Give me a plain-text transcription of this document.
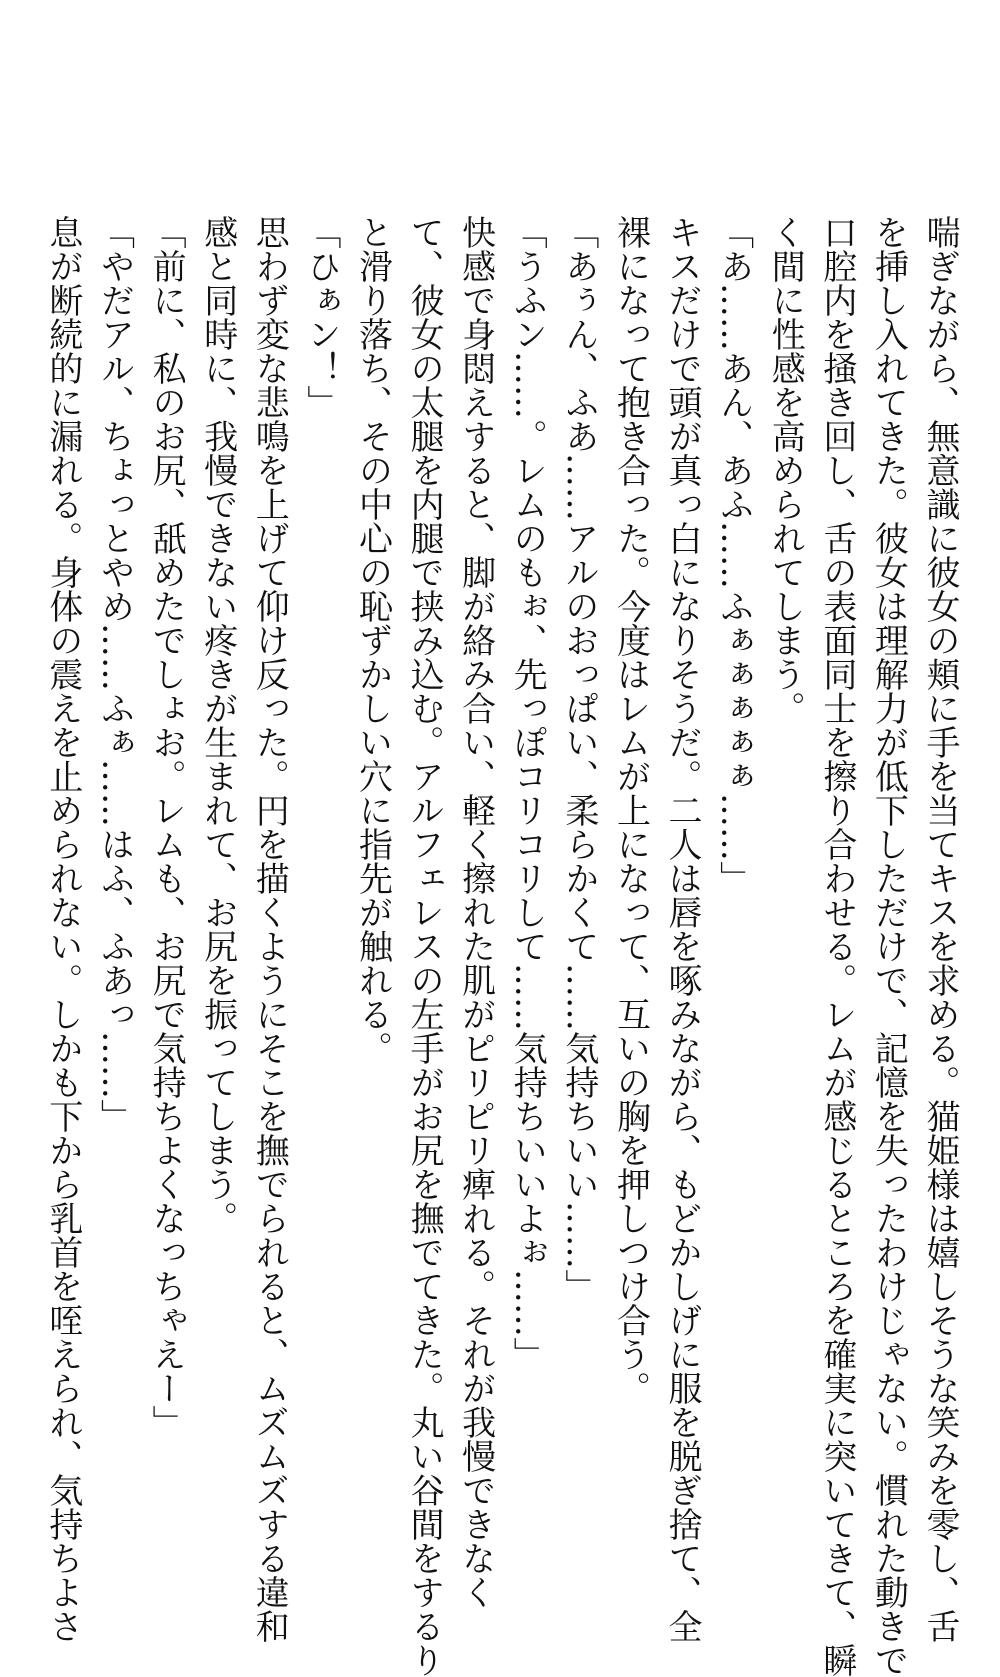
喘ぎながら、無意識に彼女の頬に手を当てキスを求める。猫姫様は嬉しそうな笑みを零し、舌

を挿し入れてきた。彼女は理解力が低下しただけで、記憶を失ったわけじゃない。慣れた動きで

口腔内を掻き回し、舌の表面同士を擦り合わせる。レムが感じるところを確実に突いてきて、瞬

く間に性感を高められてしまう。

「あ……あん、あふ……ふぁぁぁぁぁ……」

キスだけで頭が真っ白になりそうだ。二人は唇を啄みながら、もどかしげに服を脱ぎ捨て、全

裸になって抱き合った。今度はレムが上になって、互いの胸を押しつけ合う。

「あぅん、ふあ……アルのおっぱい、柔らかくて……気持ちいい……」

「うふン……。レムのもぉ、先っぽコリコリして……気持ちいいよぉ……」

快感で身悶えすると、脚が絡み合い、軽く擦れた肌がピリピリ痺れる。それが我慢できなく

て、彼女の太腿を内腿で挟み込む。アルフェレスの左手がお尻を撫でてきた。丸い谷間をするり

と滑り落ち、その中心の恥ずかしい穴に指先が触れる。

「ひぁン！」

思わず変な悲鳴を上げて仰け反った。円を描くようにそこを撫でられると、ムズムズする違和

感と同時に、我慢できない疼きが生まれて、お尻を振ってしまう。

「前に、私のお尻、舐めたでしょお。レムも、お尻で気持ちよくなっちゃえー」

「やだアル、ちょっとやめ……ふぁ……はふ、ふあっ……」

息が断続的に漏れる。身体の震えを止められない。しかも下から乳首を咥えられ、気持ちよさ
